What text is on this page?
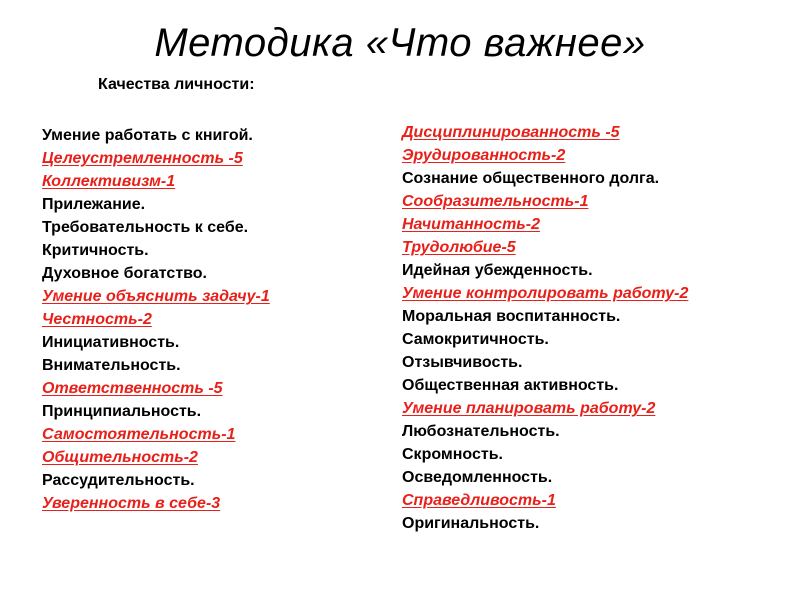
Методика «Что важнее»
Качества личности:
Умение работать с книгой.
Целеустремленность -5
Коллективизм-1
Прилежание.
Требовательность к себе.
Критичность.
Духовное богатство.
Умение объяснить задачу-1
Честность-2
Инициативность.
Внимательность.
Ответственность -5
Принципиальность.
Самостоятельность-1
Общительность-2
Рассудительность.
Уверенность в себе-3
Дисциплинированность -5
Эрудированность-2
Сознание общественного долга.
Сообразительность-1
Начитанность-2
Трудолюбие-5
Идейная убежденность.
Умение контролировать работу-2
Моральная воспитанность.
Самокритичность.
Отзывчивость.
Общественная активность.
Умение планировать работу-2
Любознательность.
Скромность.
Осведомленность.
Справедливость-1
Оригинальность.
